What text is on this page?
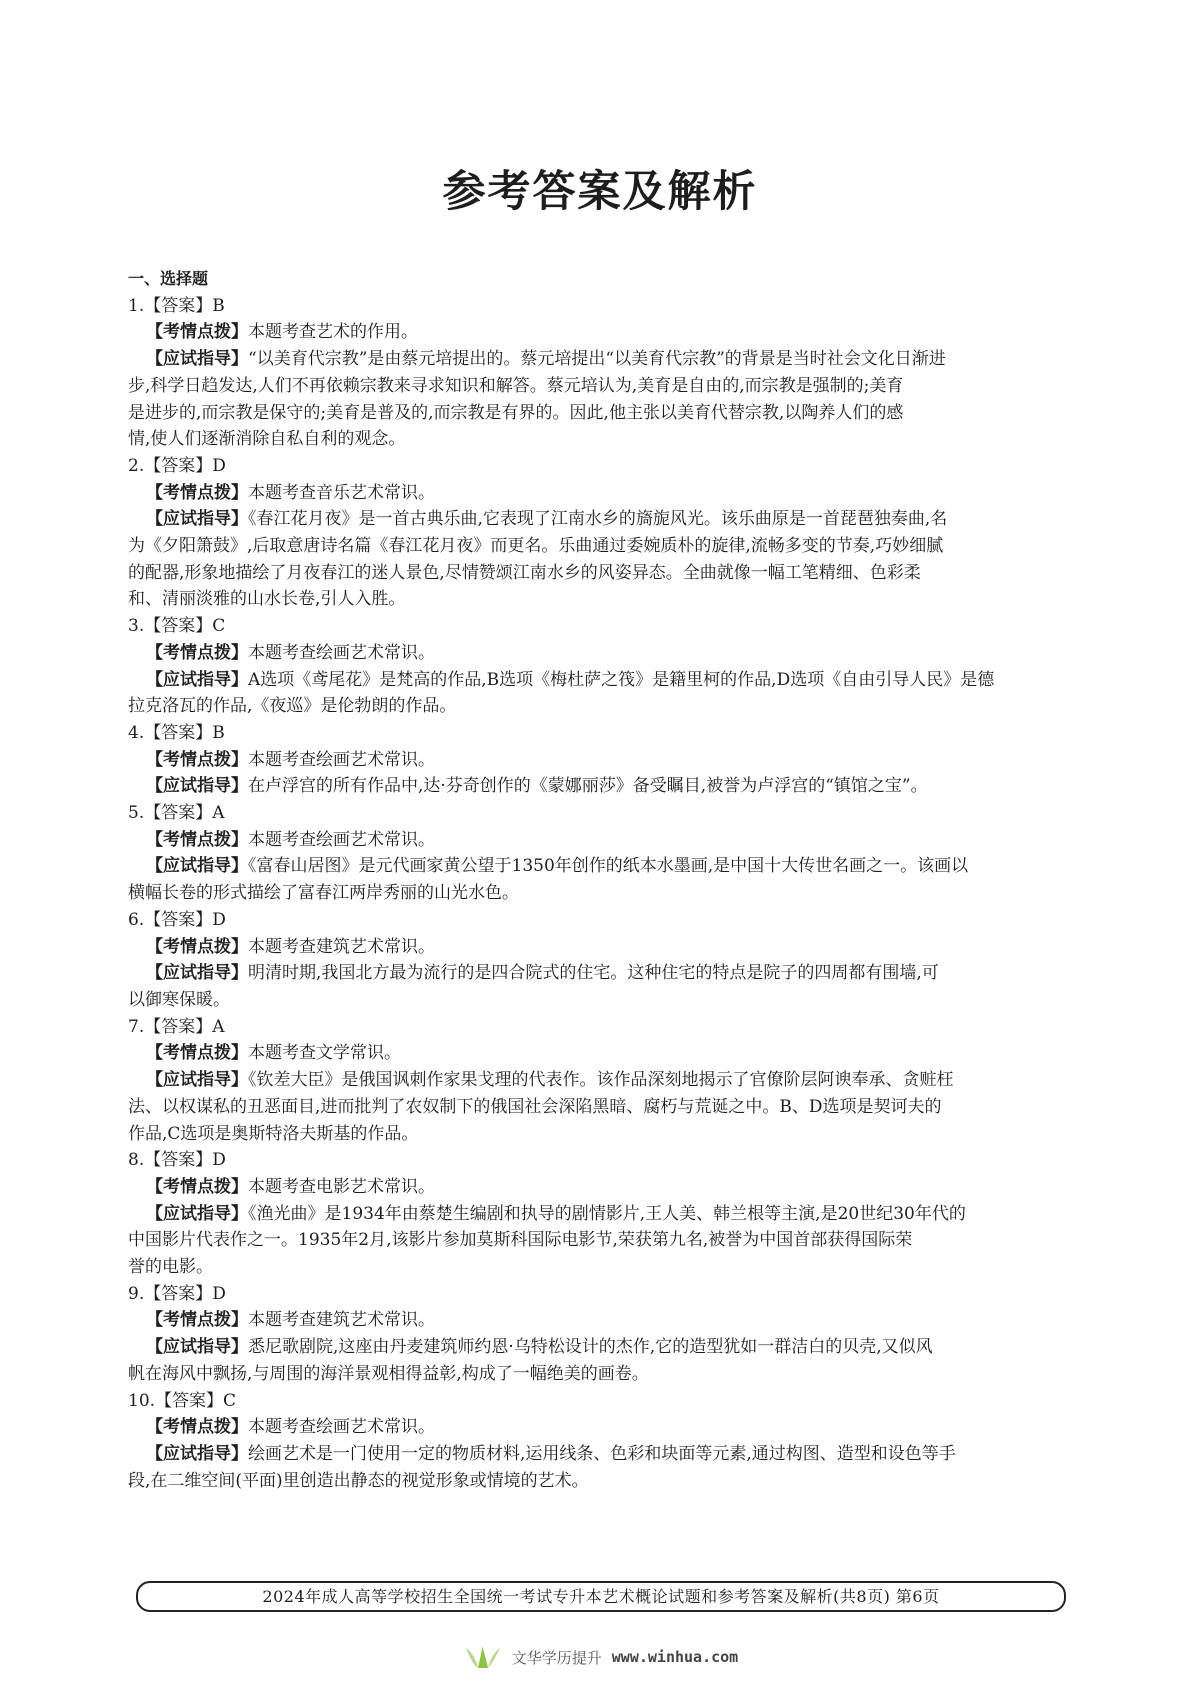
参考答案及解析
一、选择题
1.【答案】B
【考情点拨】本题考查艺术的作用。
【应试指导】“以美育代宗教”是由蔡元培提出的。蔡元培提出“以美育代宗教”的背景是当时社会文化日渐进
步,科学日趋发达,人们不再依赖宗教来寻求知识和解答。蔡元培认为,美育是自由的,而宗教是强制的;美育
是进步的,而宗教是保守的;美育是普及的,而宗教是有界的。因此,他主张以美育代替宗教,以陶养人们的感
情,使人们逐渐消除自私自利的观念。
2.【答案】D
【考情点拨】本题考查音乐艺术常识。
【应试指导】《春江花月夜》是一首古典乐曲,它表现了江南水乡的旖旎风光。该乐曲原是一首琵琶独奏曲,名
为《夕阳箫鼓》,后取意唐诗名篇《春江花月夜》而更名。乐曲通过委婉质朴的旋律,流畅多变的节奏,巧妙细腻
的配器,形象地描绘了月夜春江的迷人景色,尽情赞颂江南水乡的风姿异态。全曲就像一幅工笔精细、色彩柔
和、清丽淡雅的山水长卷,引人入胜。
3.【答案】C
【考情点拨】本题考查绘画艺术常识。
【应试指导】A选项《鸢尾花》是梵高的作品,B选项《梅杜萨之筏》是籍里柯的作品,D选项《自由引导人民》是德
拉克洛瓦的作品,《夜巡》是伦勃朗的作品。
4.【答案】B
【考情点拨】本题考查绘画艺术常识。
【应试指导】在卢浮宫的所有作品中,达·芬奇创作的《蒙娜丽莎》备受瞩目,被誉为卢浮宫的“镇馆之宝”。
5.【答案】A
【考情点拨】本题考查绘画艺术常识。
【应试指导】《富春山居图》是元代画家黄公望于1350年创作的纸本水墨画,是中国十大传世名画之一。该画以
横幅长卷的形式描绘了富春江两岸秀丽的山光水色。
6.【答案】D
【考情点拨】本题考查建筑艺术常识。
【应试指导】明清时期,我国北方最为流行的是四合院式的住宅。这种住宅的特点是院子的四周都有围墙,可
以御寒保暖。
7.【答案】A
【考情点拨】本题考查文学常识。
【应试指导】《钦差大臣》是俄国讽刺作家果戈理的代表作。该作品深刻地揭示了官僚阶层阿谀奉承、贪赃枉
法、以权谋私的丑恶面目,进而批判了农奴制下的俄国社会深陷黑暗、腐朽与荒诞之中。B、D选项是契诃夫的
作品,C选项是奥斯特洛夫斯基的作品。
8.【答案】D
【考情点拨】本题考查电影艺术常识。
【应试指导】《渔光曲》是1934年由蔡楚生编剧和执导的剧情影片,王人美、韩兰根等主演,是20世纪30年代的
中国影片代表作之一。1935年2月,该影片参加莫斯科国际电影节,荣获第九名,被誉为中国首部获得国际荣
誉的电影。
9.【答案】D
【考情点拨】本题考查建筑艺术常识。
【应试指导】悉尼歌剧院,这座由丹麦建筑师约恩·乌特松设计的杰作,它的造型犹如一群洁白的贝壳,又似风
帆在海风中飘扬,与周围的海洋景观相得益彰,构成了一幅绝美的画卷。
10.【答案】C
【考情点拨】本题考查绘画艺术常识。
【应试指导】绘画艺术是一门使用一定的物质材料,运用线条、色彩和块面等元素,通过构图、造型和设色等手
段,在二维空间(平面)里创造出静态的视觉形象或情境的艺术。
2024年成人高等学校招生全国统一考试专升本艺术概论试题和参考答案及解析(共8页) 第6页
文华学历提升 www.winhua.com
